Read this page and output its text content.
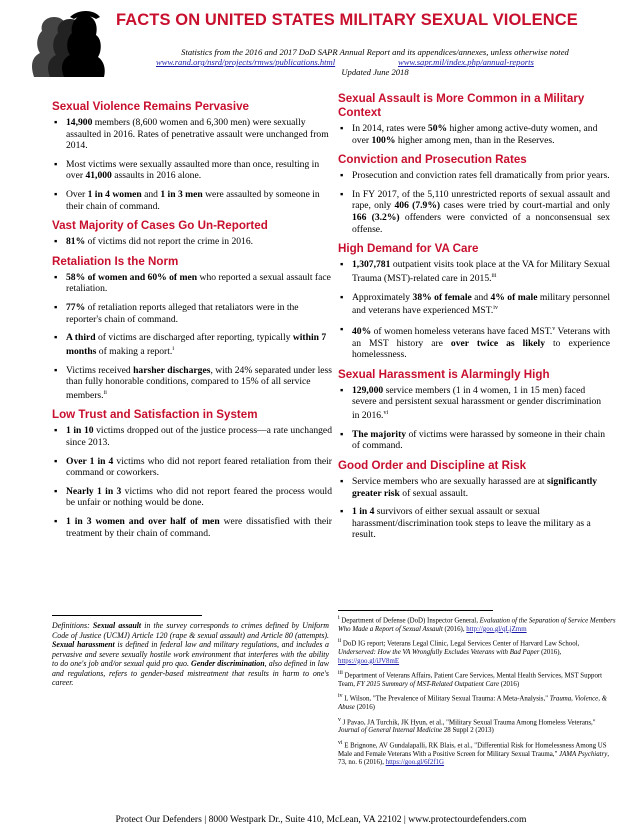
FACTS ON UNITED STATES MILITARY SEXUAL VIOLENCE
Statistics from the 2016 and 2017 DoD SAPR Annual Report and its appendices/annexes, unless otherwise noted
www.rand.org/nsrd/projects/rmws/publications.html	www.sapr.mil/index.php/annual-reports
Updated June 2018
Sexual Violence Remains Pervasive
▪ 14,900 members (8,600 women and 6,300 men) were sexually assaulted in 2016. Rates of penetrative assault were unchanged from 2014.
▪ Most victims were sexually assaulted more than once, resulting in over 41,000 assaults in 2016 alone.
▪ Over 1 in 4 women and 1 in 3 men were assaulted by someone in their chain of command.
Vast Majority of Cases Go Un-Reported
▪ 81% of victims did not report the crime in 2016.
Retaliation Is the Norm
▪ 58% of women and 60% of men who reported a sexual assault face retaliation.
▪ 77% of retaliation reports alleged that retaliators were in the reporter's chain of command.
▪ A third of victims are discharged after reporting, typically within 7 months of making a report.$^i$
▪ Victims received harsher discharges, with 24% separated under less than fully honorable conditions, compared to 15% of all service members.$^{ii}$
Low Trust and Satisfaction in System
▪ 1 in 10 victims dropped out of the justice process—a rate unchanged since 2013.
▪ Over 1 in 4 victims who did not report feared retaliation from their command or coworkers.
▪ Nearly 1 in 3 victims who did not report feared the process would be unfair or nothing would be done.
▪ 1 in 3 women and over half of men were dissatisfied with their treatment by their chain of command.
Sexual Assault is More Common in a Military Context
▪ In 2014, rates were 50% higher among active-duty women, and over 100% higher among men, than in the Reserves.
Conviction and Prosecution Rates
▪ Prosecution and conviction rates fell dramatically from prior years.
▪ In FY 2017, of the 5,110 unrestricted reports of sexual assault and rape, only 406 (7.9%) cases were tried by court-martial and only 166 (3.2%) offenders were convicted of a nonconsensual sex offense.
High Demand for VA Care
▪ 1,307,781 outpatient visits took place at the VA for Military Sexual Trauma (MST)-related care in 2015.$^{iii}$
▪ Approximately 38% of female and 4% of male military personnel and veterans have experienced MST.$^{iv}$
▪ 40% of women homeless veterans have faced MST.$^v$ Veterans with an MST history are over twice as likely to experience homelessness.
Sexual Harassment is Alarmingly High
▪ 129,000 service members (1 in 4 women, 1 in 15 men) faced severe and persistent sexual harassment or gender discrimination in 2016.$^{vi}$
▪ The majority of victims were harassed by someone in their chain of command.
Good Order and Discipline at Risk
▪ Service members who are sexually harassed are at significantly greater risk of sexual assault.
▪ 1 in 4 survivors of either sexual assault or sexual harassment/discrimination took steps to leave the military as a result.
Definitions: Sexual assault in the survey corresponds to crimes defined by Uniform Code of Justice (UCMJ) Article 120 (rape & sexual assault) and Article 80 (attempts). Sexual harassment is defined in federal law and military regulations, and includes a pervasive and severe sexually hostile work environment that interferes with the ability to do one's job and/or sexual quid pro quo. Gender discrimination, also defined in law and regulations, refers to gender-based mistreatment that results in harm to one's career.

$^i$ Department of Defense (DoD) Inspector General, Evaluation of the Separation of Service Members Who Made a Report of Sexual Assault (2016), http://goo.gl/qLjZmm

$^{ii}$ DoD IG report; Veterans Legal Clinic, Legal Services Center of Harvard Law School, Underserved: How the VA Wrongfully Excludes Veterans with Bad Paper (2016), https://goo.gl/iJV8mE

$^{iii}$ Department of Veterans Affairs, Patient Care Services, Mental Health Services, MST Support Team, FY 2015 Summary of MST-Related Outpatient Care (2016)

$^{iv}$ L Wilson, "The Prevalence of Military Sexual Trauma: A Meta-Analysis," Trauma, Violence, & Abuse (2016)

$^v$ J Pavao, JA Turchik, JK Hyun, et al., "Military Sexual Trauma Among Homeless Veterans," Journal of General Internal Medicine 28 Suppl 2 (2013)

$^{vi}$ E Brignone, AV Gundalapalli, RK Blais, et al., "Differential Risk for Homelessness Among US Male and Female Veterans With a Positive Screen for Military Sexual Trauma," JAMA Psychiatry, 73, no. 6 (2016), https://goo.gl/6f2f1G

Protect Our Defenders | 8000 Westpark Dr., Suite 410, McLean, VA 22102 | www.protectourdefenders.com
